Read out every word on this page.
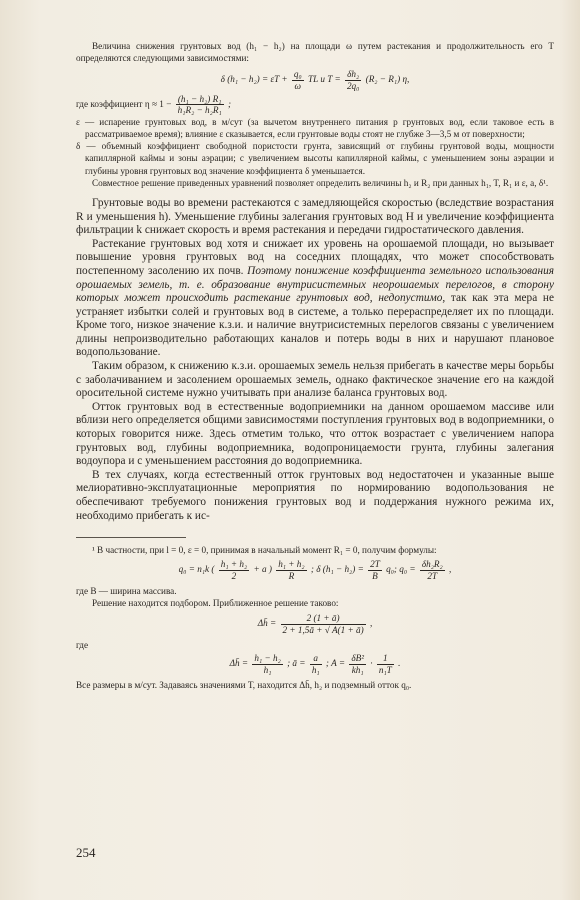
Величина снижения грунтовых вод (h₁ − h₂) на площади ω путем растекания и продолжительность его T определяются следующими зависимостями:

δ $(h_1 - h_2) = \varepsilon T + \frac{\text{q₀}}{\omega}$ TL и $T = \frac{\text{δh₂}}{\text{2q₀}} (R_2 - R_1)$ η,
где коэффициент $\eta \approx 1 - \frac{\text{(h₁ − h₂) R₁}}{\text{h₁R₂ − h₂R₁}}$ ;

ε — испарение грунтовых вод, в м/сут (за вычетом внутреннего питания p грунтовых вод, если таковое есть в рассматриваемое время); влияние ε сказывается, если грунтовые воды стоят не глубже 3—3,5 м от поверхности;

δ — объемный коэффициент свободной пористости грунта, зависящий от глубины грунтовой воды, мощности капиллярной каймы и зоны аэрации; с увеличением высоты капиллярной каймы, с уменьшением зоны аэрации и глубины уровня грунтовых вод значение коэффициента δ уменьшается.

Совместное решение приведенных уравнений позволяет определить величины h₂ и R₂ при данных h₁, T, R₁ и ε, a, δ¹.

Грунтовые воды во времени растекаются с замедляющейся скоростью (вследствие возрастания R и уменьшения h). Уменьшение глубины залегания грунтовых вод H и увеличение коэффициента фильтрации k снижает скорость и время растекания и передачи гидростатического давления.

Растекание грунтовых вод хотя и снижает их уровень на орошаемой площади, но вызывает повышение уровня грунтовых вод на соседних площадях, что может способствовать постепенному засолению их почв. Поэтому понижение коэффициента земельного использования орошаемых земель, т. е. образование внутрисистемных неорошаемых перелогов, в сторону которых может происходить растекание грунтовых вод, недопустимо, так как эта мера не устраняет избытки солей и грунтовых вод в системе, а только перераспределяет их по площади. Кроме того, низкое значение к.з.и. и наличие внутрисистемных перелогов связаны с увеличением длины непроизводительно работающих каналов и потерь воды в них и нарушают плановое водопользование.

Таким образом, к снижению к.з.и. орошаемых земель нельзя прибегать в качестве меры борьбы с заболачиванием и засолением орошаемых земель, однако фактическое значение его на каждой оросительной системе нужно учитывать при анализе баланса грунтовых вод.

Отток грунтовых вод в естественные водоприемники на данном орошаемом массиве или вблизи него определяется общими зависимостями поступления грунтовых вод в водоприемники, о которых говорится ниже. Здесь отметим только, что отток возрастает с увеличением напора грунтовых вод, глубины водоприемника, водопроницаемости грунта, глубины залегания водоупора и с уменьшением расстояния до водоприемника.

В тех случаях, когда естественный отток грунтовых вод недостаточен и указанные выше мелиоративно-эксплуатационные мероприятия по нормированию водопользования не обеспечивают требуемого понижения грунтовых вод и поддержания нужного режима их, необходимо прибегать к ис-

¹ В частности, при l = 0, ε = 0, принимая в начальный момент R₁ = 0, получим формулы:

q₀ = n₁k ( $\frac{\text{h₁ + h₂}}{2} + a$ ) $\frac{\text{h₁ + h₂}}{R}$ ; δ $(h_1 - h_2) = \frac{2T}{B} q_0$; $q_0 = \frac{\text{δh₂R₂}}{2T}$ ,

где B — ширина массива.

Решение находится подбором. Приближенное решение таково:

Δh̄ = $\frac{2 (1 + ā)}{2 + 1,5ā + √ A(1 + ā)}$ ,

где

Δh̄ = $\frac{\text{h₁ − h₂}}{\text{h₁}}$ ; ā = $\frac{a}{\text{h₁}}$ ; $A = \frac{\text{δB²}}{\text{kh₁}} \cdot \frac{1}{\text{n₁T}}$ .

Все размеры в м/сут. Задаваясь значениями T, находится Δh̄, h₂ и подземный отток q₀.

254
